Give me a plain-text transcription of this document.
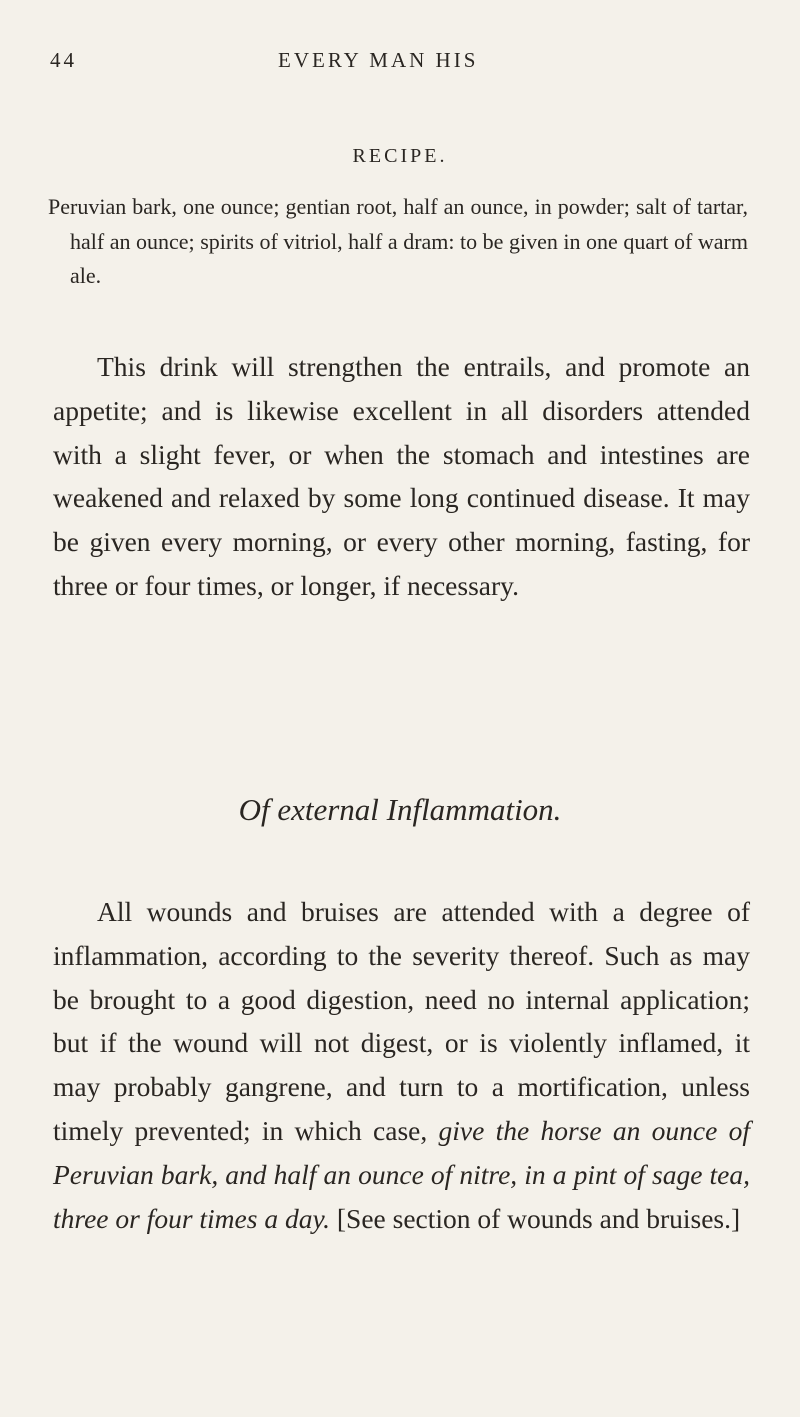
44	EVERY MAN HIS
RECIPE.

Peruvian bark, one ounce; gentian root, half an ounce, in powder; salt of tartar, half an ounce; spirits of vitriol, half a dram: to be given in one quart of warm ale.

This drink will strengthen the entrails, and promote an appetite; and is likewise excellent in all disorders attended with a slight fever, or when the stomach and intestines are weakened and relaxed by some long continued disease. It may be given every morning, or every other morning, fasting, for three or four times, or longer, if necessary.

Of external Inflammation.

All wounds and bruises are attended with a degree of inflammation, according to the severity thereof. Such as may be brought to a good digestion, need no internal application; but if the wound will not digest, or is violently inflamed, it may probably gangrene, and turn to a mortification, unless timely prevented; in which case, give the horse an ounce of Peruvian bark, and half an ounce of nitre, in a pint of sage tea, three or four times a day. [See section of wounds and bruises.]
